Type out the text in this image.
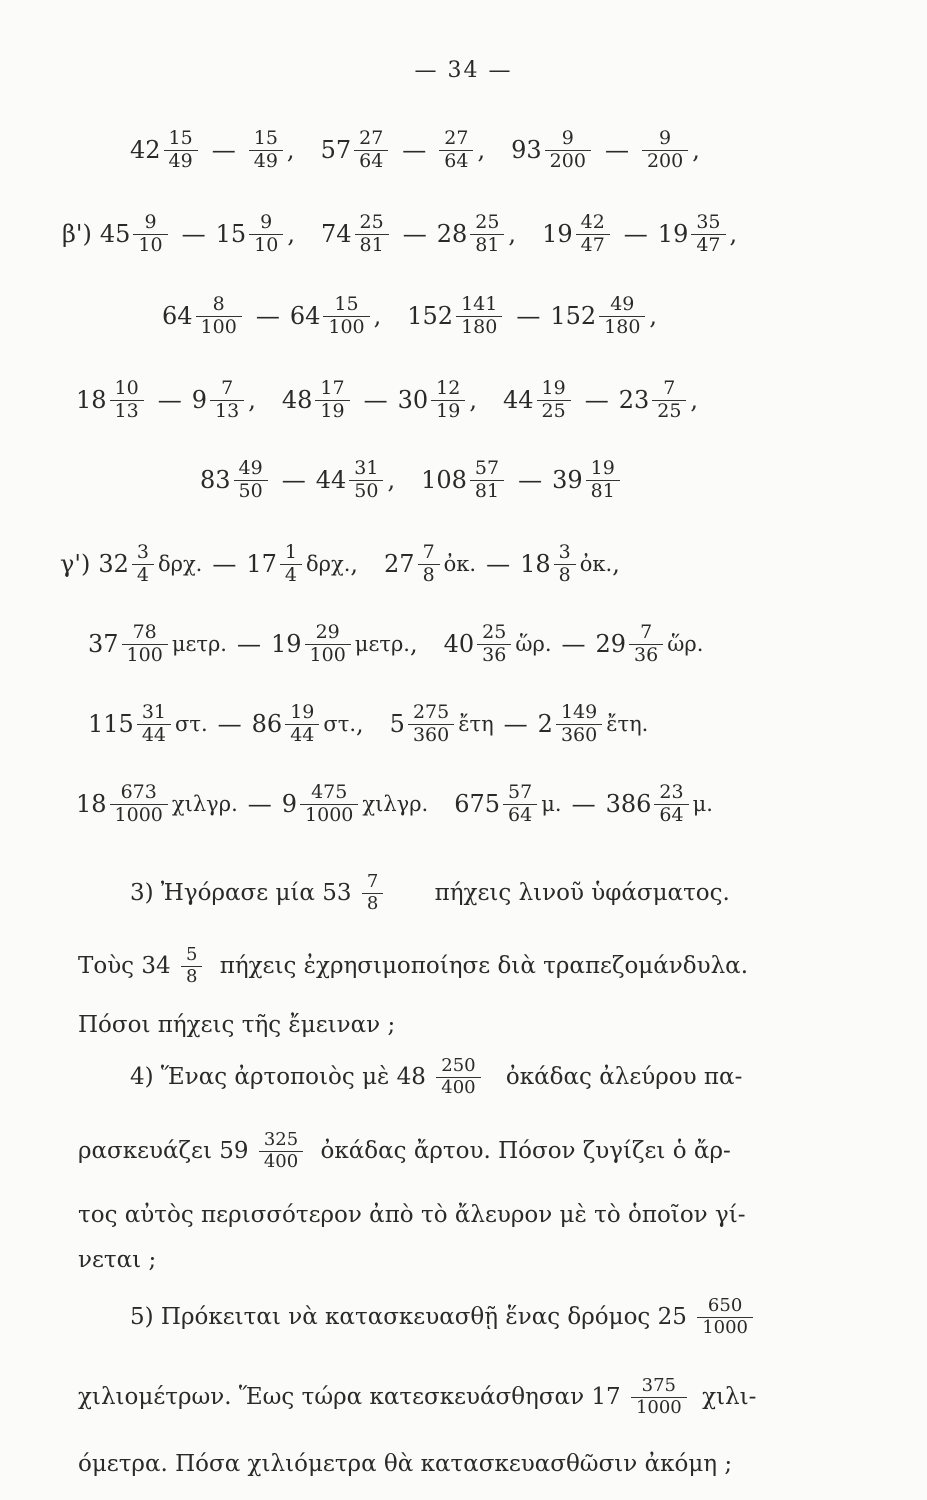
— 34 —
$42 \frac{15}{49}$ — $\frac{15}{49}$ , $57 \frac{27}{64}$ — $\frac{27}{64}$ , $93 \frac{9}{200}$ — $\frac{9}{200}$ ,
β') $45 \frac{9}{10}$ — $15 \frac{9}{10}$ , $74 \frac{25}{81}$ — $28 \frac{25}{81}$ , $19 \frac{42}{47}$ — $19 \frac{35}{47}$ ,
$64 \frac{8}{100}$ — $64 \frac{15}{100}$ , $152 \frac{141}{180}$ — $152 \frac{49}{180}$ ,
$18 \frac{10}{13}$ — $9 \frac{7}{13}$ , $48 \frac{17}{19}$ — $30 \frac{12}{19}$ , $44 \frac{19}{25}$ — $23 \frac{7}{25}$ ,
$83 \frac{49}{50}$ — $44 \frac{31}{50}$ , $108 \frac{57}{81}$ — $39 \frac{19}{81}$
γ') $32 \frac{3}{4} \delta\rho\chi$. — $17 \frac{1}{4} \delta\rho\chi$., $27 \frac{7}{8}$ ὀκ. — $18 \frac{3}{8}$ ὀκ.,
$37 \frac{78}{100} \mu\varepsilon\tau\rho$. — $19 \frac{29}{100} \mu\varepsilon\tau\rho$., $40 \frac{25}{36}$ ὥρ. — $29 \frac{7}{36}$ ὥρ.
$115 \frac{31}{44} \sigma\tau$. — $86 \frac{19}{44} \sigma\tau$., $5 \frac{275}{360}$ ἔτη — $2 \frac{149}{360}$ ἔτη.
$18 \frac{673}{1000} \chi\iota\lambda\gamma\rho$. — $9 \frac{475}{1000} \chi\iota\lambda\gamma\rho$. $675 \frac{57}{64} \mu$. — $386 \frac{23}{64} \mu$.
3) Ἠγόρασε μία $53 \frac{7}{8}$ πήχεις λινοῦ ὑφάσματος.
Τοὺς $34 \frac{5}{8}$ πήχεις ἐχρησιμοποίησε διὰ τραπεζομάνδυλα.
Πόσοι πήχεις τῆς ἔμειναν ;
4) Ἕνας ἀρτοποιὸς μὲ $48 \frac{250}{400}$ ὀκάδας ἀλεύρου πα-
ρασκευάζει $59 \frac{325}{400}$ ὀκάδας ἄρτου. Πόσον ζυγίζει ὁ ἄρ-
τος αὐτὸς περισσότερον ἀπὸ τὸ ἄλευρον μὲ τὸ ὁποῖον γί-
νεται ;
5) Πρόκειται νὰ κατασκευασθῇ ἕνας δρόμος $25 \frac{650}{1000}$
χιλιομέτρων. Ἕως τώρα κατεσκευάσθησαν $17 \frac{375}{1000} \chi\iota\lambda\iota-$
όμετρα. Πόσα χιλιόμετρα θὰ κατασκευασθῶσιν ἀκόμη ;
